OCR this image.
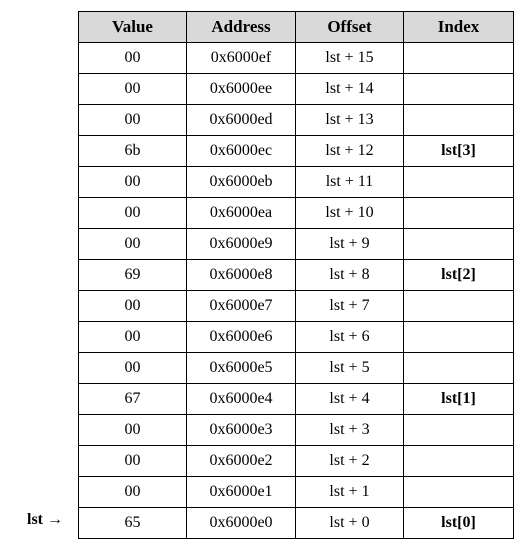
lst →
Value	Address	Offset	Index
00	0x6000ef	lst + 15	
00	0x6000ee	lst + 14	
00	0x6000ed	lst + 13	
6b	0x6000ec	lst + 12	lst[3]
00	0x6000eb	lst + 11	
00	0x6000ea	lst + 10	
00	0x6000e9	lst + 9	
69	0x6000e8	lst + 8	lst[2]
00	0x6000e7	lst + 7	
00	0x6000e6	lst + 6	
00	0x6000e5	lst + 5	
67	0x6000e4	lst + 4	lst[1]
00	0x6000e3	lst + 3	
00	0x6000e2	lst + 2	
00	0x6000e1	lst + 1	
65	0x6000e0	lst + 0	lst[0]
